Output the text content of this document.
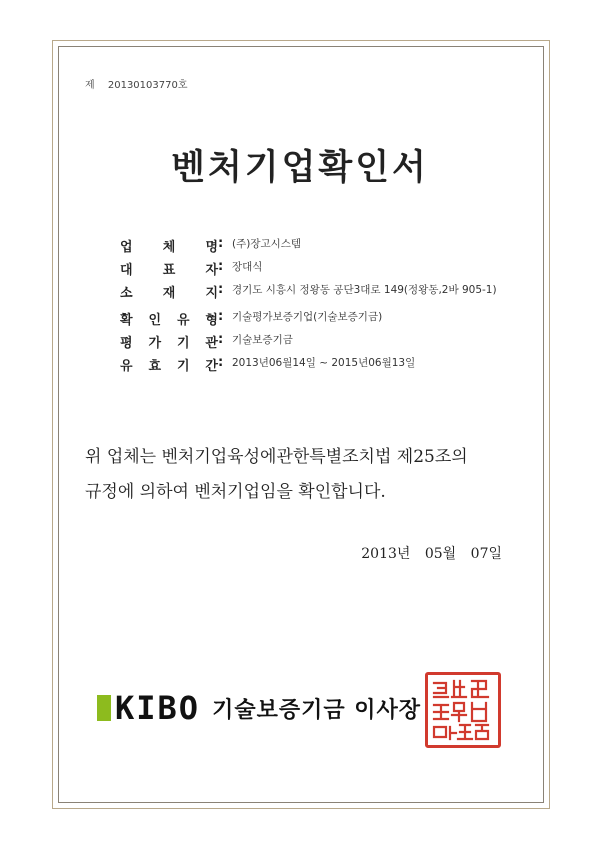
제 20130103770호
벤처기업확인서
업 체 명 : (주)장고시스템
대 표 자 : 장대식
소 재 지 : 경기도 시흥시 정왕동 공단3대로 149(정왕동,2바 905-1)
확 인 유 형 : 기술평가보증기업(기술보증기금)
평 가 기 관 : 기술보증기금
유 효 기 간 : 2013년06월14일 ~ 2015년06월13일
위 업체는 벤처기업육성에관한특별조치법 제25조의
규정에 의하여 벤처기업임을 확인합니다.
2013년 05월 07일
KIBO 기술보증기금 이사장
